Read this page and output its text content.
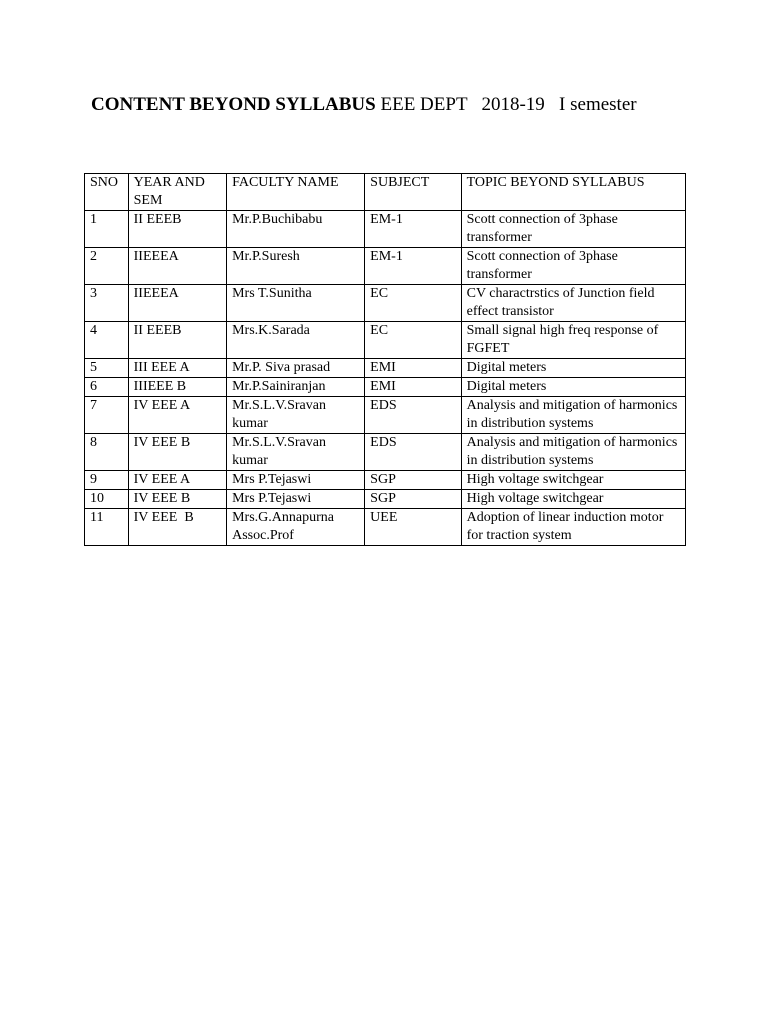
CONTENT BEYOND SYLLABUS EEE DEPT   2018-19   I semester
SNO	YEAR AND SEM	FACULTY NAME	SUBJECT	TOPIC BEYOND SYLLABUS
1	II EEEB	Mr.P.Buchibabu	EM-1	Scott connection of 3phase transformer
2	IIEEEA	Mr.P.Suresh	EM-1	Scott connection of 3phase transformer
3	IIEEEA	Mrs T.Sunitha	EC	CV charactrstics of Junction field effect transistor
4	II EEEB	Mrs.K.Sarada	EC	Small signal high freq response of FGFET
5	III EEE A	Mr.P. Siva prasad	EMI	Digital meters
6	IIIEEE B	Mr.P.Sainiranjan	EMI	Digital meters
7	IV EEE A	Mr.S.L.V.Sravan kumar	EDS	Analysis and mitigation of harmonics in distribution systems
8	IV EEE B	Mr.S.L.V.Sravan kumar	EDS	Analysis and mitigation of harmonics in distribution systems
9	IV EEE A	Mrs P.Tejaswi	SGP	High voltage switchgear
10	IV EEE B	Mrs P.Tejaswi	SGP	High voltage switchgear
11	IV EEE  B	Mrs.G.Annapurna Assoc.Prof	UEE	Adoption of linear induction motor for traction system
